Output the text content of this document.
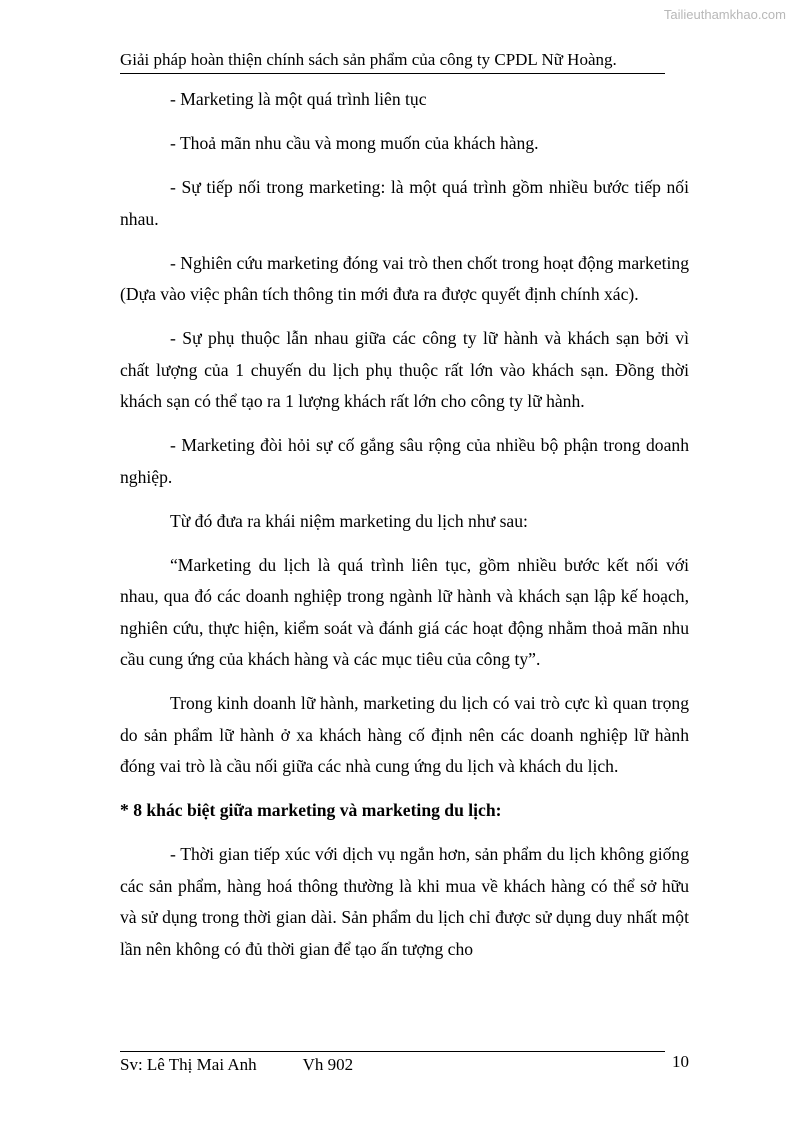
Tailieuthamkhao.com
Giải pháp hoàn thiện chính sách sản phẩm của công ty CPDL Nữ Hoàng.

- Marketing là một quá trình liên tục

- Thoả mãn nhu cầu và mong muốn của khách hàng.

- Sự tiếp nối trong marketing: là một quá trình gồm nhiều bước tiếp nối nhau.

- Nghiên cứu marketing đóng vai trò then chốt trong hoạt động marketing (Dựa vào việc phân tích thông tin mới đưa ra được quyết định chính xác).

- Sự phụ thuộc lẫn nhau giữa các công ty lữ hành và khách sạn bởi vì chất lượng của 1 chuyến du lịch phụ thuộc rất lớn vào khách sạn. Đồng thời khách sạn có thể tạo ra 1 lượng khách rất lớn cho công ty lữ hành.

- Marketing đòi hỏi sự cố gắng sâu rộng của nhiều bộ phận trong doanh nghiệp.

Từ đó đưa ra khái niệm marketing du lịch như sau:

“Marketing du lịch là quá trình liên tục, gồm nhiều bước kết nối với nhau, qua đó các doanh nghiệp trong ngành lữ hành và khách sạn lập kế hoạch, nghiên cứu, thực hiện, kiểm soát và đánh giá các hoạt động nhằm thoả mãn nhu cầu cung ứng của khách hàng và các mục tiêu của công ty”.

Trong kinh doanh lữ hành, marketing du lịch có vai trò cực kì quan trọng do sản phẩm lữ hành ở xa khách hàng cố định nên các doanh nghiệp lữ hành đóng vai trò là cầu nối giữa các nhà cung ứng du lịch và khách du lịch.

* 8 khác biệt giữa marketing và marketing du lịch:

- Thời gian tiếp xúc với dịch vụ ngắn hơn, sản phẩm du lịch không giống các sản phẩm, hàng hoá thông thường là khi mua về khách hàng có thể sở hữu và sử dụng trong thời gian dài. Sản phẩm du lịch chỉ được sử dụng duy nhất một lần nên không có đủ thời gian để tạo ấn tượng cho

Sv: Lê Thị Mai Anh	Vh 902	10
